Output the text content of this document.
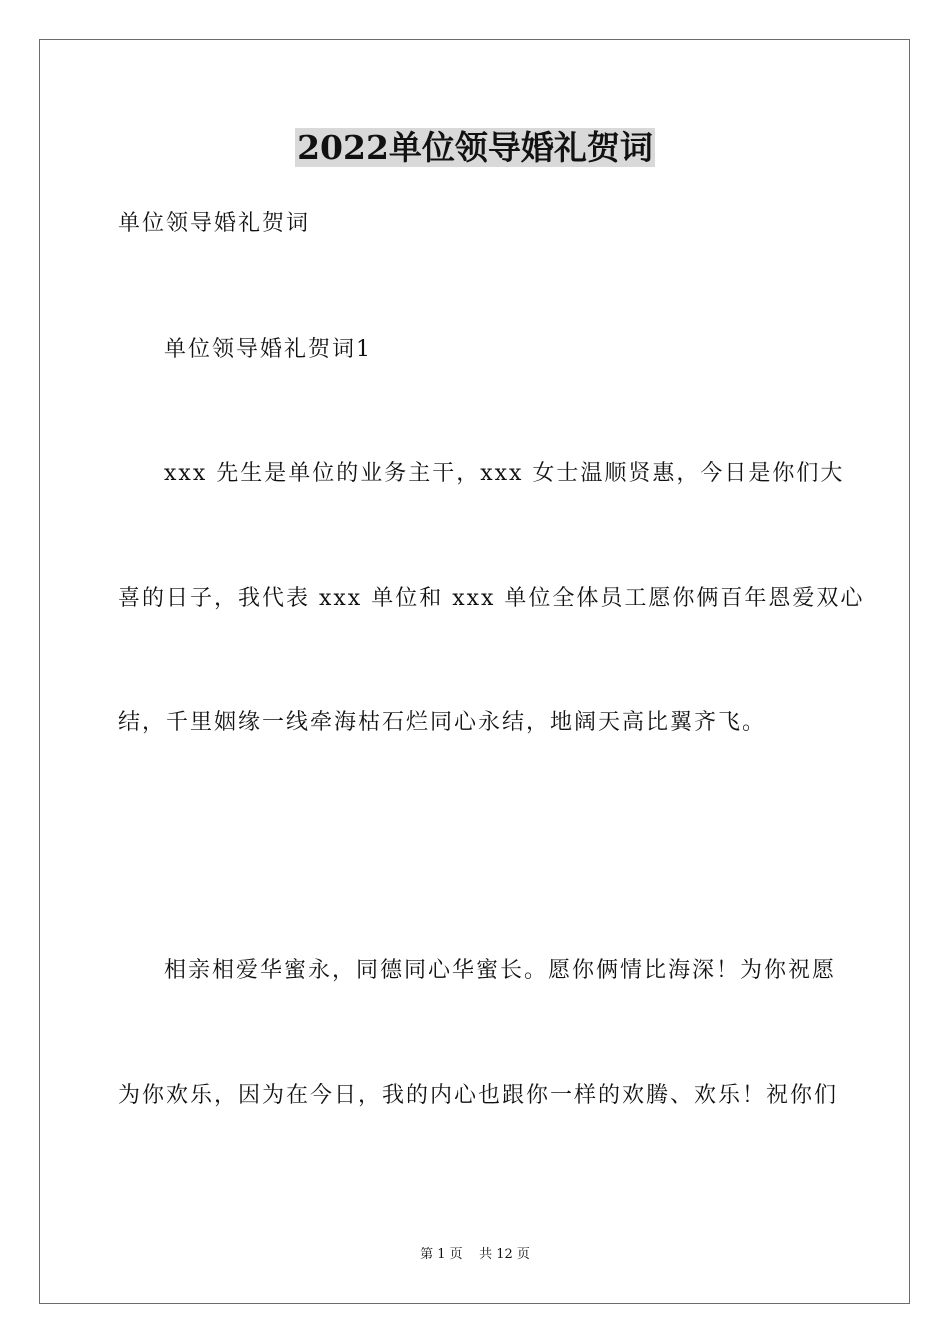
2022单位领导婚礼贺词
单位领导婚礼贺词
单位领导婚礼贺词1
xxx 先生是单位的业务主干，xxx 女士温顺贤惠，今日是你们大
喜的日子，我代表 xxx 单位和 xxx 单位全体员工愿你俩百年恩爱双心
结，千里姻缘一线牵海枯石烂同心永结，地阔天高比翼齐飞。
相亲相爱华蜜永，同德同心华蜜长。愿你俩情比海深！为你祝愿
为你欢乐，因为在今日，我的内心也跟你一样的欢腾、欢乐！祝你们
第 1 页    共 12 页
